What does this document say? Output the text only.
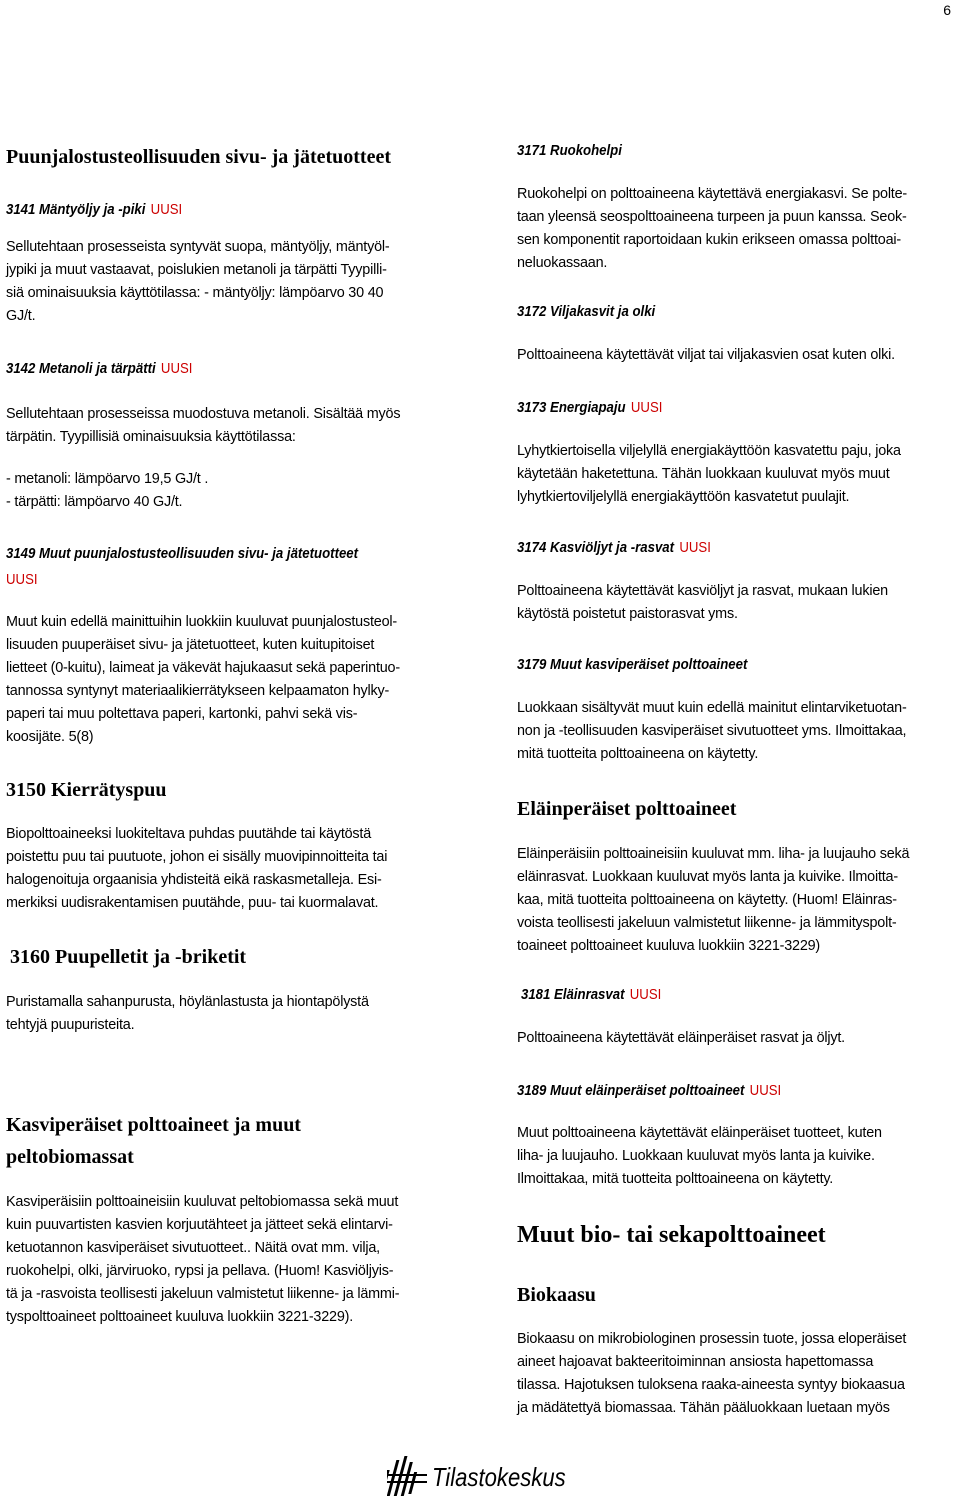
6
Puunjalostusteollisuuden sivu- ja jätetuotteet
3141 Mäntyöljy ja -piki UUSI
Sellutehtaan prosesseista syntyvät suopa, mäntyöljy, mäntyöl-
jypiki ja muut vastaavat, poislukien metanoli ja tärpätti Tyypilli-
siä ominaisuuksia käyttötilassa: - mäntyöljy: lämpöarvo 30 40
GJ/t.
3142 Metanoli ja tärpätti UUSI
Sellutehtaan prosesseissa muodostuva metanoli. Sisältää myös
tärpätin. Tyypillisiä ominaisuuksia käyttötilassa:
- metanoli: lämpöarvo 19,5 GJ/t .
- tärpätti: lämpöarvo 40 GJ/t.
3149 Muut puunjalostusteollisuuden sivu- ja jätetuotteet
UUSI
Muut kuin edellä mainittuihin luokkiin kuuluvat puunjalostusteol-
lisuuden puuperäiset sivu- ja jätetuotteet, kuten kuitupitoiset
lietteet (0-kuitu), laimeat ja väkevät hajukaasut sekä paperintuo-
tannossa syntynyt materiaalikierrätykseen kelpaamaton hylky-
paperi tai muu poltettava paperi, kartonki, pahvi sekä vis-
koosijäte. 5(8)
3150 Kierrätyspuu
Biopolttoaineeksi luokiteltava puhdas puutähde tai käytöstä
poistettu puu tai puutuote, johon ei sisälly muovipinnoitteita tai
halogenoituja orgaanisia yhdisteitä eikä raskasmetalleja. Esi-
merkiksi uudisrakentamisen puutähde, puu- tai kuormalavat.
3160 Puupelletit ja -briketit
Puristamalla sahanpurusta, höylänlastusta ja hiontapölystä
tehtyjä puupuristeita.
Kasviperäiset polttoaineet ja muut
peltobiomassat
Kasviperäisiin polttoaineisiin kuuluvat peltobiomassa sekä muut
kuin puuvartisten kasvien korjuutähteet ja jätteet sekä elintarvi-
ketuotannon kasviperäiset sivutuotteet.. Näitä ovat mm. vilja,
ruokohelpi, olki, järviruoko, rypsi ja pellava. (Huom! Kasviöljyis-
tä ja -rasvoista teollisesti jakeluun valmistetut liikenne- ja lämmi-
tyspolttoaineet polttoaineet kuuluva luokkiin 3221-3229).
3171 Ruokohelpi
Ruokohelpi on polttoaineena käytettävä energiakasvi. Se polte-
taan yleensä seospolttoaineena turpeen ja puun kanssa. Seok-
sen komponentit raportoidaan kukin erikseen omassa polttoai-
neluokassaan.
3172 Viljakasvit ja olki
Polttoaineena käytettävät viljat tai viljakasvien osat kuten olki.
3173 Energiapaju UUSI
Lyhytkiertoisella viljelyllä energiakäyttöön kasvatettu paju, joka
käytetään haketettuna. Tähän luokkaan kuuluvat myös muut
lyhytkiertoviljelyllä energiakäyttöön kasvatetut puulajit.
3174 Kasviöljyt ja -rasvat UUSI
Polttoaineena käytettävät kasviöljyt ja rasvat, mukaan lukien
käytöstä poistetut paistorasvat yms.
3179 Muut kasviperäiset polttoaineet
Luokkaan sisältyvät muut kuin edellä mainitut elintarviketuotan-
non ja -teollisuuden kasviperäiset sivutuotteet yms. Ilmoittakaa,
mitä tuotteita polttoaineena on käytetty.
Eläinperäiset polttoaineet
Eläinperäisiin polttoaineisiin kuuluvat mm. liha- ja luujauho sekä
eläinrasvat. Luokkaan kuuluvat myös lanta ja kuivike. Ilmoitta-
kaa, mitä tuotteita polttoaineena on käytetty. (Huom! Eläinras-
voista teollisesti jakeluun valmistetut liikenne- ja lämmityspolt-
toaineet polttoaineet kuuluva luokkiin 3221-3229)
3181 Eläinrasvat UUSI
Polttoaineena käytettävät eläinperäiset rasvat ja öljyt.
3189 Muut eläinperäiset polttoaineet UUSI
Muut polttoaineena käytettävät eläinperäiset tuotteet, kuten
liha- ja luujauho. Luokkaan kuuluvat myös lanta ja kuivike.
Ilmoittakaa, mitä tuotteita polttoaineena on käytetty.
Muut bio- tai sekapolttoaineet
Biokaasu
Biokaasu on mikrobiologinen prosessin tuote, jossa eloperäiset
aineet hajoavat bakteeritoiminnan ansiosta hapettomassa
tilassa. Hajotuksen tuloksena raaka-aineesta syntyy biokaasua
ja mädätettyä biomassaa. Tähän pääluokkaan luetaan myös
Tilastokeskus
